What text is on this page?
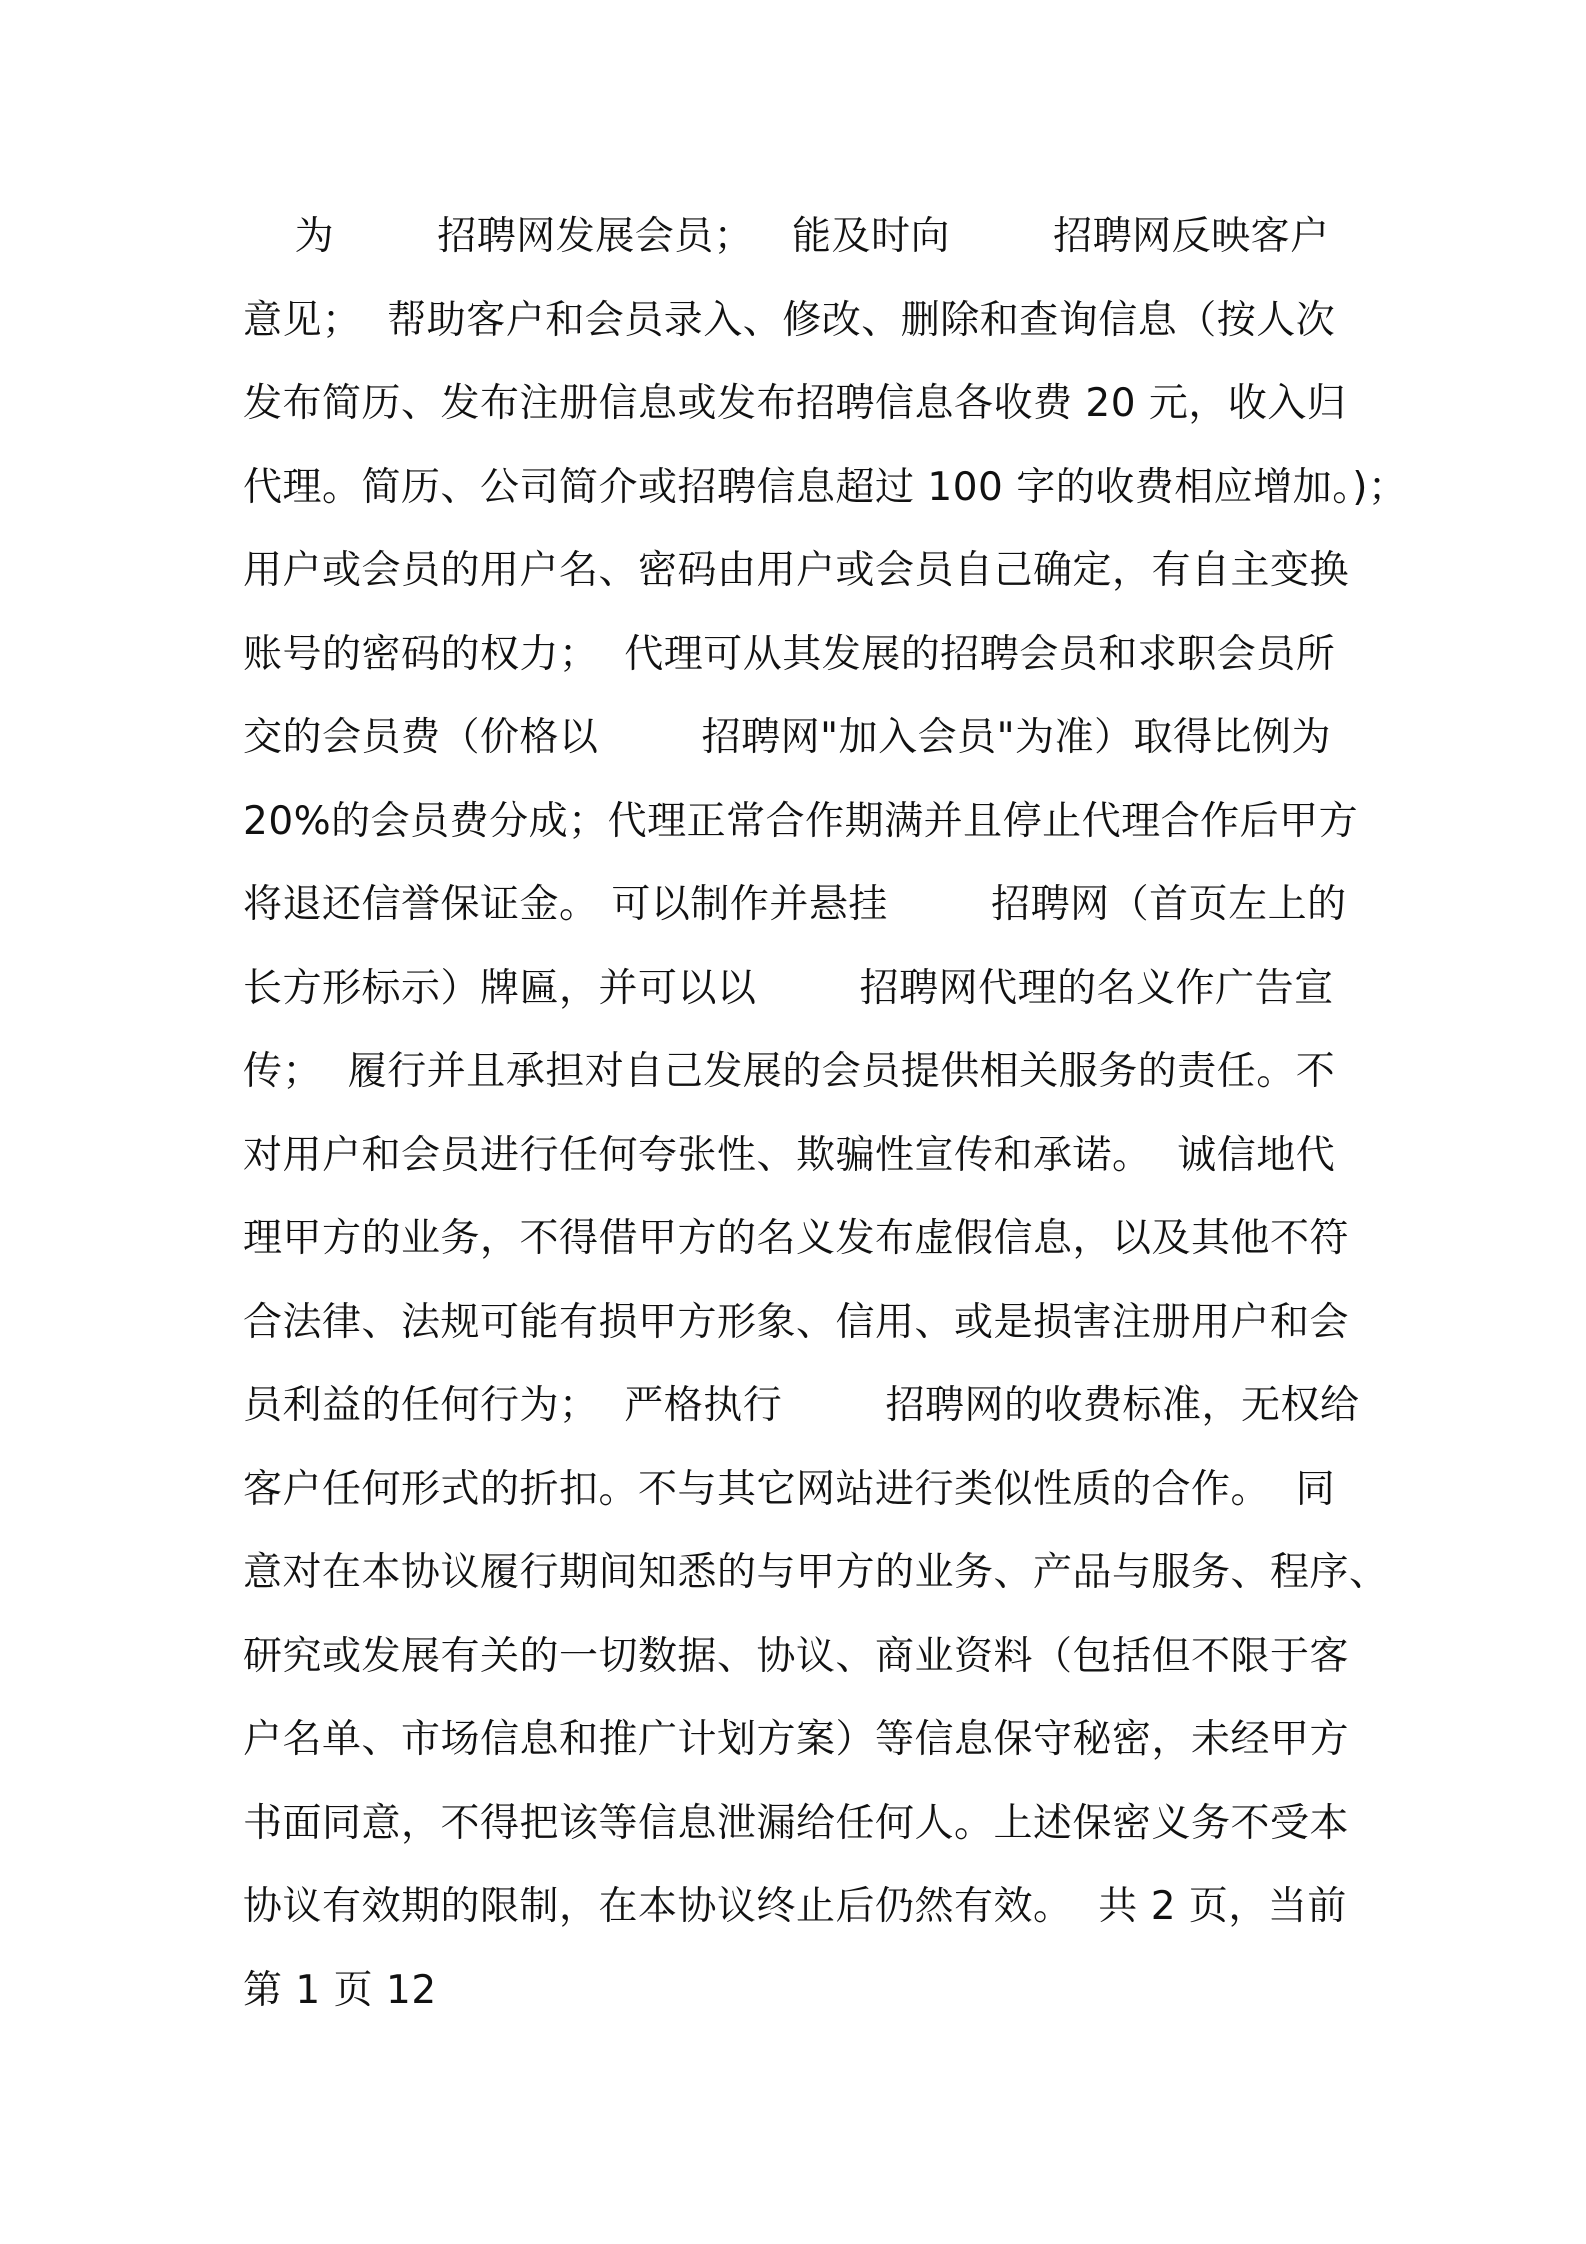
为        招聘网发展会员；   能及时向        招聘网反映客户
意见；  帮助客户和会员录入、修改、删除和查询信息（按人次
发布简历、发布注册信息或发布招聘信息各收费 20 元，收入归
代理。简历、公司简介或招聘信息超过 100 字的收费相应增加。)；
用户或会员的用户名、密码由用户或会员自己确定，有自主变换
账号的密码的权力；  代理可从其发展的招聘会员和求职会员所
交的会员费（价格以        招聘网"加入会员"为准）取得比例为
20%的会员费分成；代理正常合作期满并且停止代理合作后甲方
将退还信誉保证金。 可以制作并悬挂        招聘网（首页左上的
长方形标示）牌匾，并可以以        招聘网代理的名义作广告宣
传；  履行并且承担对自己发展的会员提供相关服务的责任。不
对用户和会员进行任何夸张性、欺骗性宣传和承诺。  诚信地代
理甲方的业务，不得借甲方的名义发布虚假信息，以及其他不符
合法律、法规可能有损甲方形象、信用、或是损害注册用户和会
员利益的任何行为；  严格执行        招聘网的收费标准，无权给
客户任何形式的折扣。不与其它网站进行类似性质的合作。  同
意对在本协议履行期间知悉的与甲方的业务、产品与服务、程序、
研究或发展有关的一切数据、协议、商业资料（包括但不限于客
户名单、市场信息和推广计划方案）等信息保守秘密，未经甲方
书面同意，不得把该等信息泄漏给任何人。上述保密义务不受本
协议有效期的限制，在本协议终止后仍然有效。  共 2 页，当前
第 1 页 12
